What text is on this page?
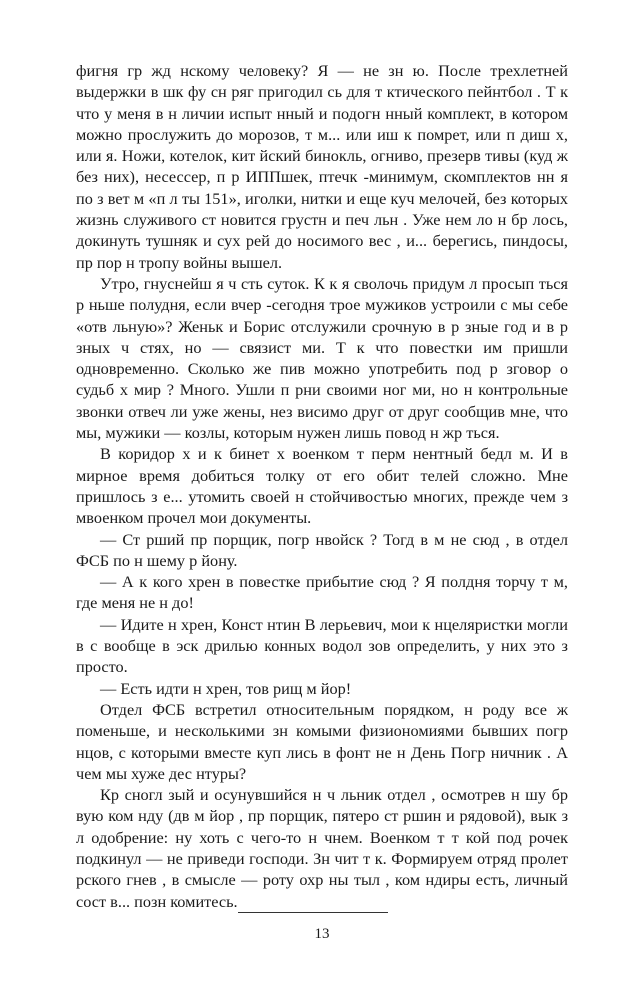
фигня гр жд нскому человеку? Я — не зн ю. После трехлетней выдержки в шк фу сн ряг пригодил сь для т ктического пейнтбол . Т к что у меня в н личии испыт нный и подогн нный комплект, в котором можно прослужить до морозов, т м... или иш к помрет, или п диш х, или я. Ножи, котелок, кит йский бинокль, огниво, презерв тивы (куд ж без них), несессер, п р ИППшек, птечк -минимум, скомплектов нн я по з вет м «п л ты 151», иголки, нитки и еще куч мелочей, без которых жизнь служивого ст новится грустн и печ льн . Уже нем ло н бр лось, докинуть тушняк и сух рей до носимого вес , и... берегись, пиндосы, пр пор н тропу войны вышел.

Утро, гнуснейш я ч сть суток. К к я сволочь придум л просып ться р ньше полудня, если вчер -сегодня трое мужиков устроили с мы себе «отв льную»? Женьк и Борис отслужили срочную в р зные год и в р зных ч стях, но — связист ми. Т к что повестки им пришли одновременно. Сколько же пив можно употребить под р зговор о судьб х мир ? Много. Ушли п рни своими ног ми, но н контрольные звонки отвеч ли уже жены, нез висимо друг от друг сообщив мне, что мы, мужики — козлы, которым нужен лишь повод н жр ться.

В коридор х и к бинет х военком т перм нентный бедл м. И в мирное время добиться толку от его обит телей сложно. Мне пришлось з е... утомить своей н стойчивостью многих, прежде чем з мвоенком прочел мои документы.

— Ст рший пр порщик, погр нвойск ? Тогд в м не сюд , в отдел ФСБ по н шему р йону.

— А к кого хрен в повестке прибытие сюд ? Я полдня торчу т м, где меня не н до!

— Идите н хрен, Конст нтин В лерьевич, мои к нцеляристки могли в с вообще в эск дрилью конных водол зов определить, у них это з просто.

— Есть идти н хрен, тов рищ м йор!

Отдел ФСБ встретил относительным порядком, н роду все ж поменьше, и несколькими зн комыми физиономиями бывших погр нцов, с которыми вместе куп лись в фонт не н День Погр ничник . А чем мы хуже дес нтуры?

Кр сногл зый и осунувшийся н ч льник отдел , осмотрев н шу бр вую ком нду (дв м йор , пр порщик, пятеро ст ршин и рядовой), вык з л одобрение: ну хоть с чего-то н чнем. Военком т т кой под рочек подкинул — не приведи господи. Зн чит т к. Формируем отряд пролет рского гнев , в смысле — роту охр ны тыл , ком ндиры есть, личный сост в... позн комитесь.

13
